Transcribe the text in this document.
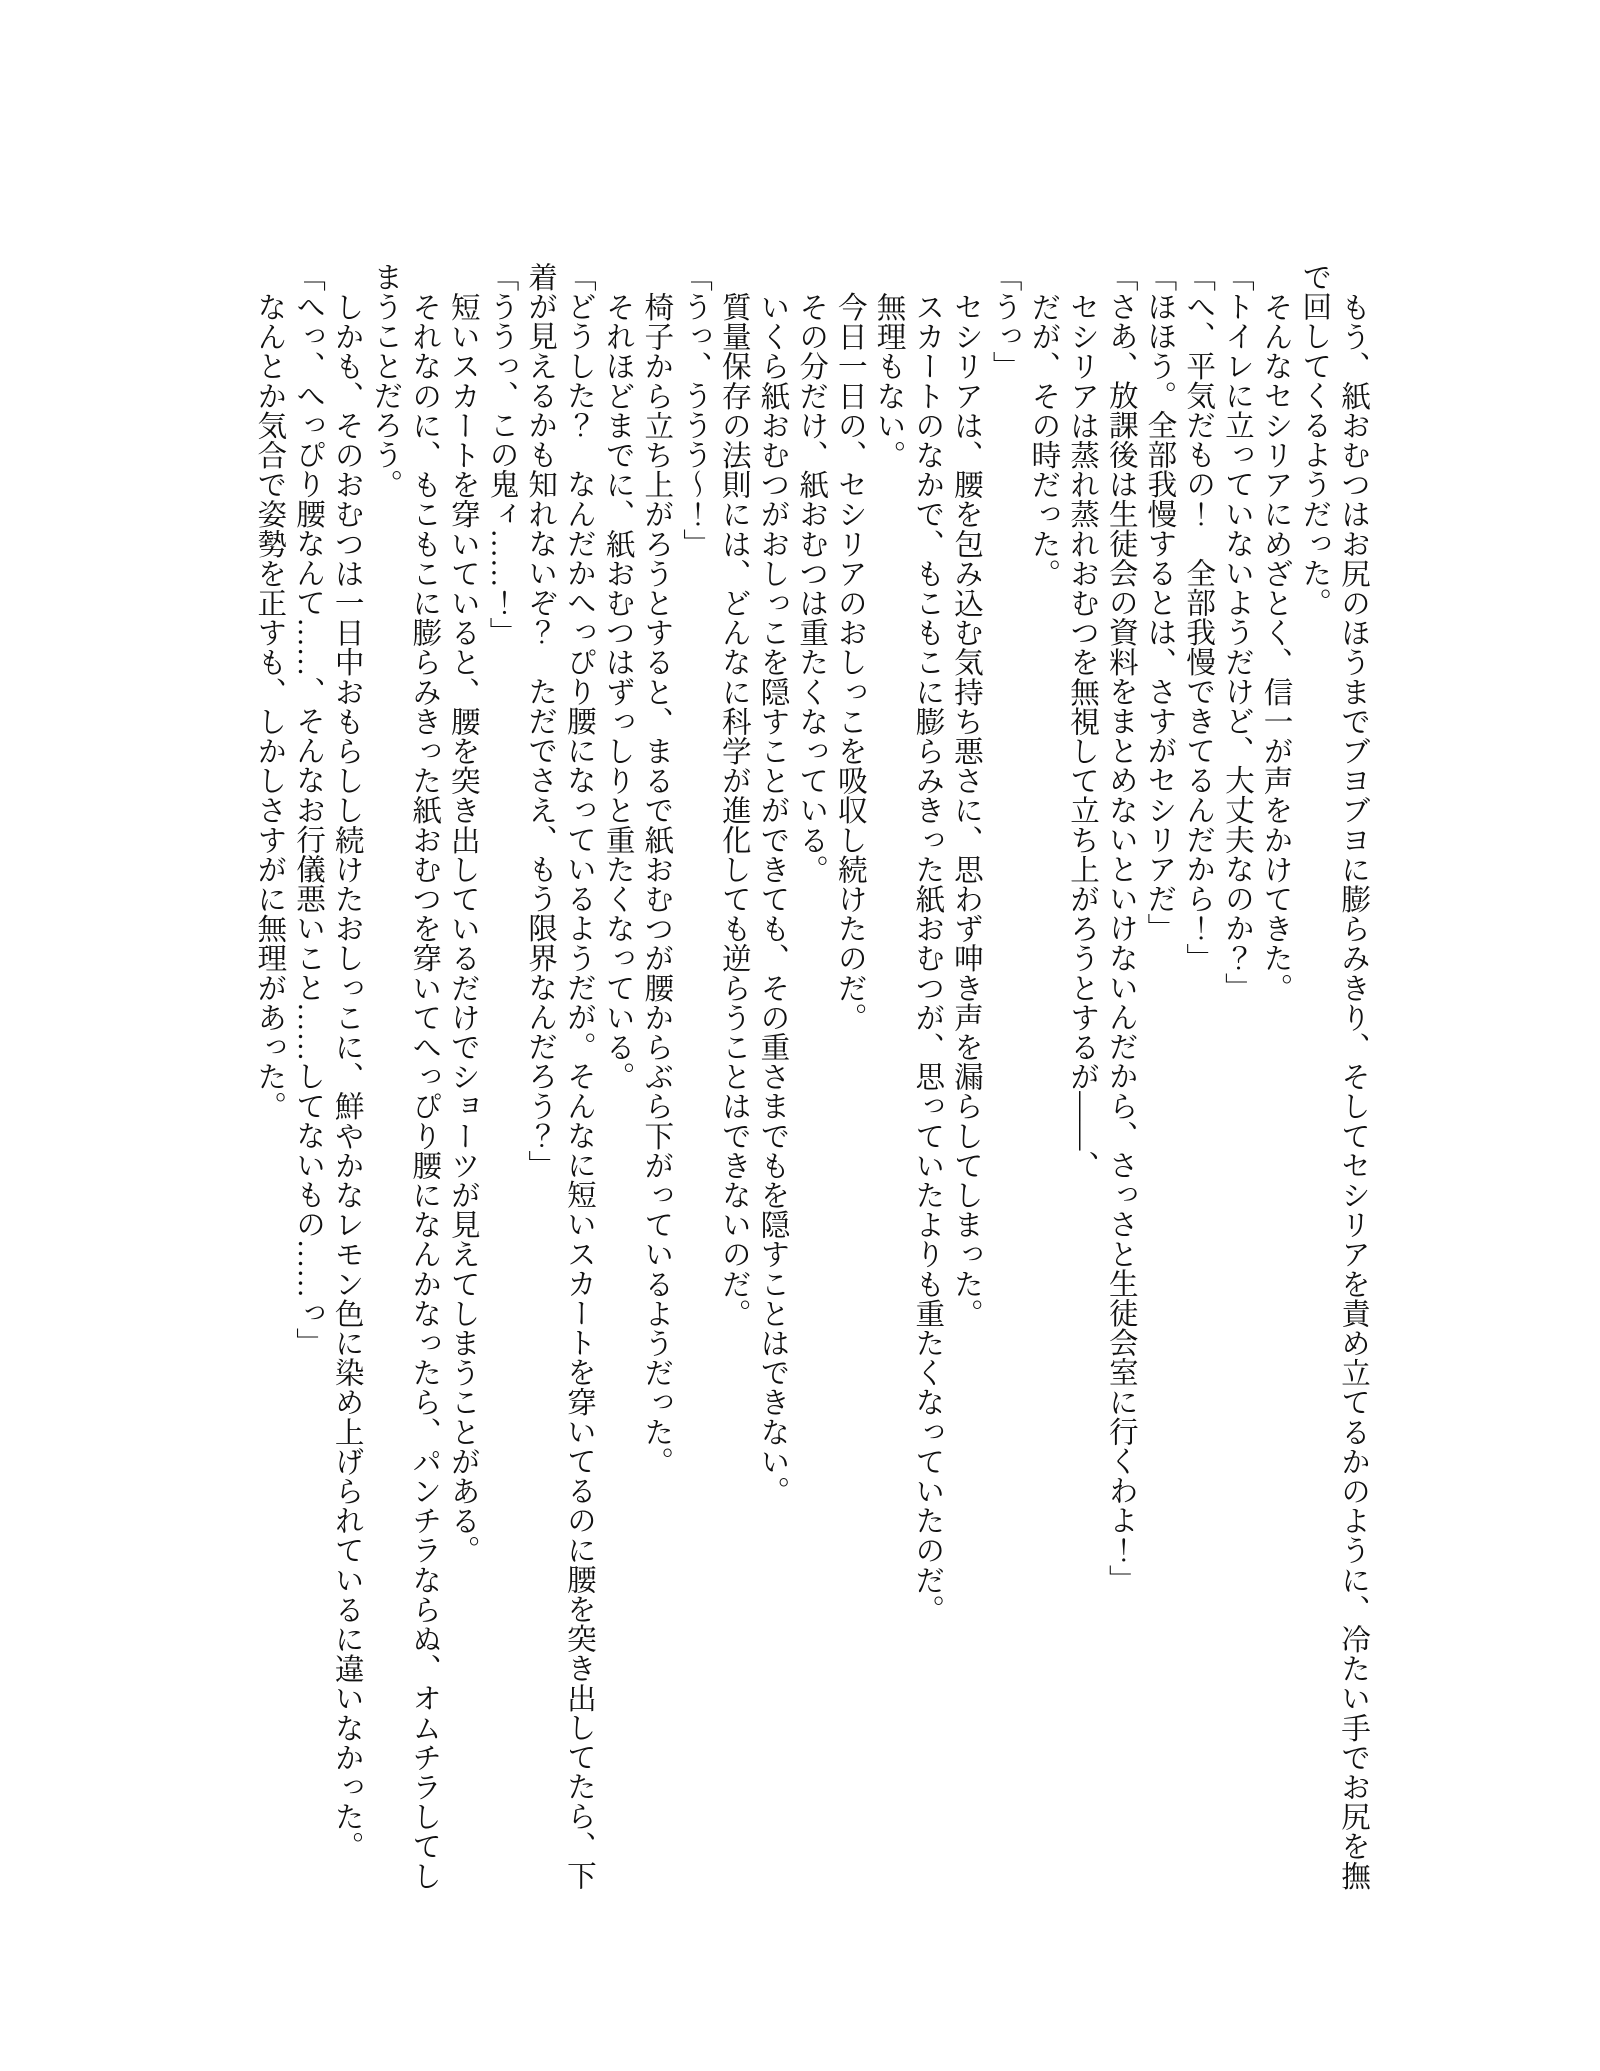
もう、紙おむつはお尻のほうまでブヨブヨに膨らみきり、そしてセシリアを責め立てるかのように、冷たい手でお尻を撫で回してくるようだった。

そんなセシリアにめざとく、信一が声をかけてきた。

「トイレに立っていないようだけど、大丈夫なのか？」

「へ、平気だもの！　全部我慢できてるんだから！」

「ほほう。全部我慢するとは、さすがセシリアだ」

「さあ、放課後は生徒会の資料をまとめないといけないんだから、さっさと生徒会室に行くわよ！」

セシリアは蒸れ蒸れおむつを無視して立ち上がろうとするが――、

だが、その時だった。

「うっ」

セシリアは、腰を包み込む気持ち悪さに、思わず呻き声を漏らしてしまった。

スカートのなかで、もこもこに膨らみきった紙おむつが、思っていたよりも重たくなっていたのだ。

無理もない。

今日一日の、セシリアのおしっこを吸収し続けたのだ。

その分だけ、紙おむつは重たくなっている。

いくら紙おむつがおしっこを隠すことができても、その重さまでもを隠すことはできない。

質量保存の法則には、どんなに科学が進化しても逆らうことはできないのだ。

「うっ、ううう〜！」

椅子から立ち上がろうとすると、まるで紙おむつが腰からぶら下がっているようだった。

それほどまでに、紙おむつはずっしりと重たくなっている。

「どうした？　なんだかへっぴり腰になっているようだが。そんなに短いスカートを穿いてるのに腰を突き出してたら、下着が見えるかも知れないぞ？　ただでさえ、もう限界なんだろう？」

「ううっ、この鬼ィ……！」

短いスカートを穿いていると、腰を突き出しているだけでショーツが見えてしまうことがある。

それなのに、もこもこに膨らみきった紙おむつを穿いてへっぴり腰になんかなったら、パンチラならぬ、オムチラしてしまうことだろう。

しかも、そのおむつは一日中おもらしし続けたおしっこに、鮮やかなレモン色に染め上げられているに違いなかった。

「へっ、へっぴり腰なんて……、そんなお行儀悪いこと……してないもの……っ」

なんとか気合で姿勢を正すも、しかしさすがに無理があった。
